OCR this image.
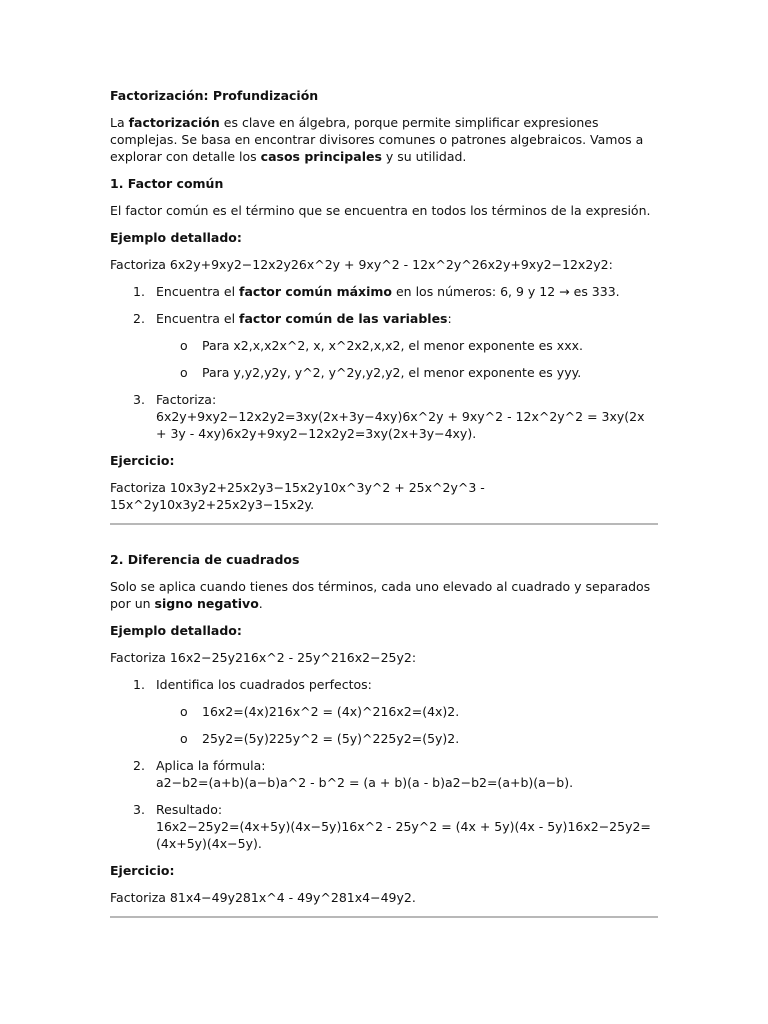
Factorización: Profundización

La factorización es clave en álgebra, porque permite simplificar expresiones complejas. Se basa en encontrar divisores comunes o patrones algebraicos. Vamos a explorar con detalle los casos principales y su utilidad.

1. Factor común

El factor común es el término que se encuentra en todos los términos de la expresión.

Ejemplo detallado:

Factoriza 6x2y+9xy2−12x2y26x^2y + 9xy^2 - 12x^2y^26x2y+9xy2−12x2y2:

1. Encuentra el factor común máximo en los números: 6, 9 y 12 → es 333.
2. Encuentra el factor común de las variables:
o Para x2,x,x2x^2, x, x^2x2,x,x2, el menor exponente es xxx.
o Para y,y2,y2y, y^2, y^2y,y2,y2, el menor exponente es yyy.
3. Factoriza:
6x2y+9xy2−12x2y2=3xy(2x+3y−4xy)6x^2y + 9xy^2 - 12x^2y^2 = 3xy(2x + 3y - 4xy)6x2y+9xy2−12x2y2=3xy(2x+3y−4xy).

Ejercicio:

Factoriza 10x3y2+25x2y3−15x2y10x^3y^2 + 25x^2y^3 - 15x^2y10x3y2+25x2y3−15x2y.

2. Diferencia de cuadrados

Solo se aplica cuando tienes dos términos, cada uno elevado al cuadrado y separados por un signo negativo.

Ejemplo detallado:

Factoriza 16x2−25y216x^2 - 25y^216x2−25y2:

1. Identifica los cuadrados perfectos:
o 16x2=(4x)216x^2 = (4x)^216x2=(4x)2.
o 25y2=(5y)225y^2 = (5y)^225y2=(5y)2.
2. Aplica la fórmula:
a2−b2=(a+b)(a−b)a^2 - b^2 = (a + b)(a - b)a2−b2=(a+b)(a−b).
3. Resultado:
16x2−25y2=(4x+5y)(4x−5y)16x^2 - 25y^2 = (4x + 5y)(4x - 5y)16x2−25y2=(4x+5y)(4x−5y).

Ejercicio:

Factoriza 81x4−49y281x^4 - 49y^281x4−49y2.
